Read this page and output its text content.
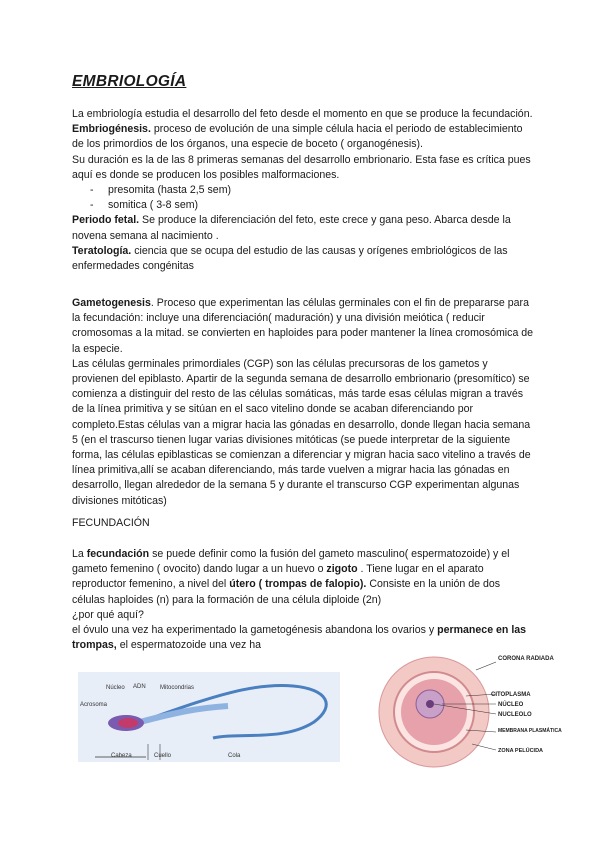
EMBRIOLOGÍA

La embriología estudia el desarrollo del feto desde el momento en que se produce la fecundación.

Embriogénesis. proceso de evolución de una simple célula hacia el periodo de establecimiento de los primordios de los órganos, una especie de boceto ( organogénesis).

Su duración es la de las 8 primeras semanas del desarrollo embrionario. Esta fase es crítica pues aquí es donde se producen los posibles malformaciones.

- presomita (hasta 2,5 sem)

- somitica ( 3-8 sem)

Periodo fetal. Se produce la diferenciación del feto, este crece y gana peso. Abarca desde la novena semana al nacimiento .

Teratología. ciencia que se ocupa del estudio de las causas y orígenes embriológicos de las enfermedades congénitas

Gametogenesis. Proceso que experimentan las células germinales con el fin de prepararse para la fecundación: incluye una diferenciación( maduración) y una división meiótica ( reducir cromosomas a la mitad. se convierten en haploides para poder mantener la línea cromosómica de la especie.

Las células germinales primordiales (CGP) son las células precursoras de los gametos y provienen del epiblasto. Apartir de la segunda semana de desarrollo embrionario (presomítico) se comienza a distinguir del resto de las células somáticas, más tarde esas células migran a través de la línea primitiva y se sitúan en el saco vitelino donde se acaban diferenciando por completo.Estas células van a migrar hacia las gónadas en desarrollo, donde llegan hacia semana 5 (en el trascurso tienen lugar varias divisiones mitóticas (se puede interpretar de la siguiente forma, las células epiblasticas se comienzan a diferenciar y migran hacia saco vitelino a través de línea primitiva,allí se acaban diferenciando, más tarde vuelven a migrar hacia las gónadas en desarrollo, llegan alrededor de la semana 5 y durante el transcurso CGP experimentan algunas divisiones mitóticas)

FECUNDACIÓN

La fecundación se puede definir como la fusión del gameto masculino( espermatozoide) y el gameto femenino ( ovocito) dando lugar a un huevo o zigoto . Tiene lugar en el aparato reproductor femenino, a nivel del útero ( trompas de falopio). Consiste en la unión de dos células haploides (n) para la formación de una célula diploide (2n)

¿por qué aquí?

el óvulo una vez ha experimentado la gametogénesis abandona los ovarios y permanece en las trompas, el espermatozoide una vez ha

Núcleo ADN Mitocondrias
Acrosoma
Cabeza	Cuello	Cola
CORONA RADIADA
CITOPLASMA
NÚCLEO
NUCLEOLO
MEMBRANA PLASMÁTICA
ZONA PELÚCIDA
